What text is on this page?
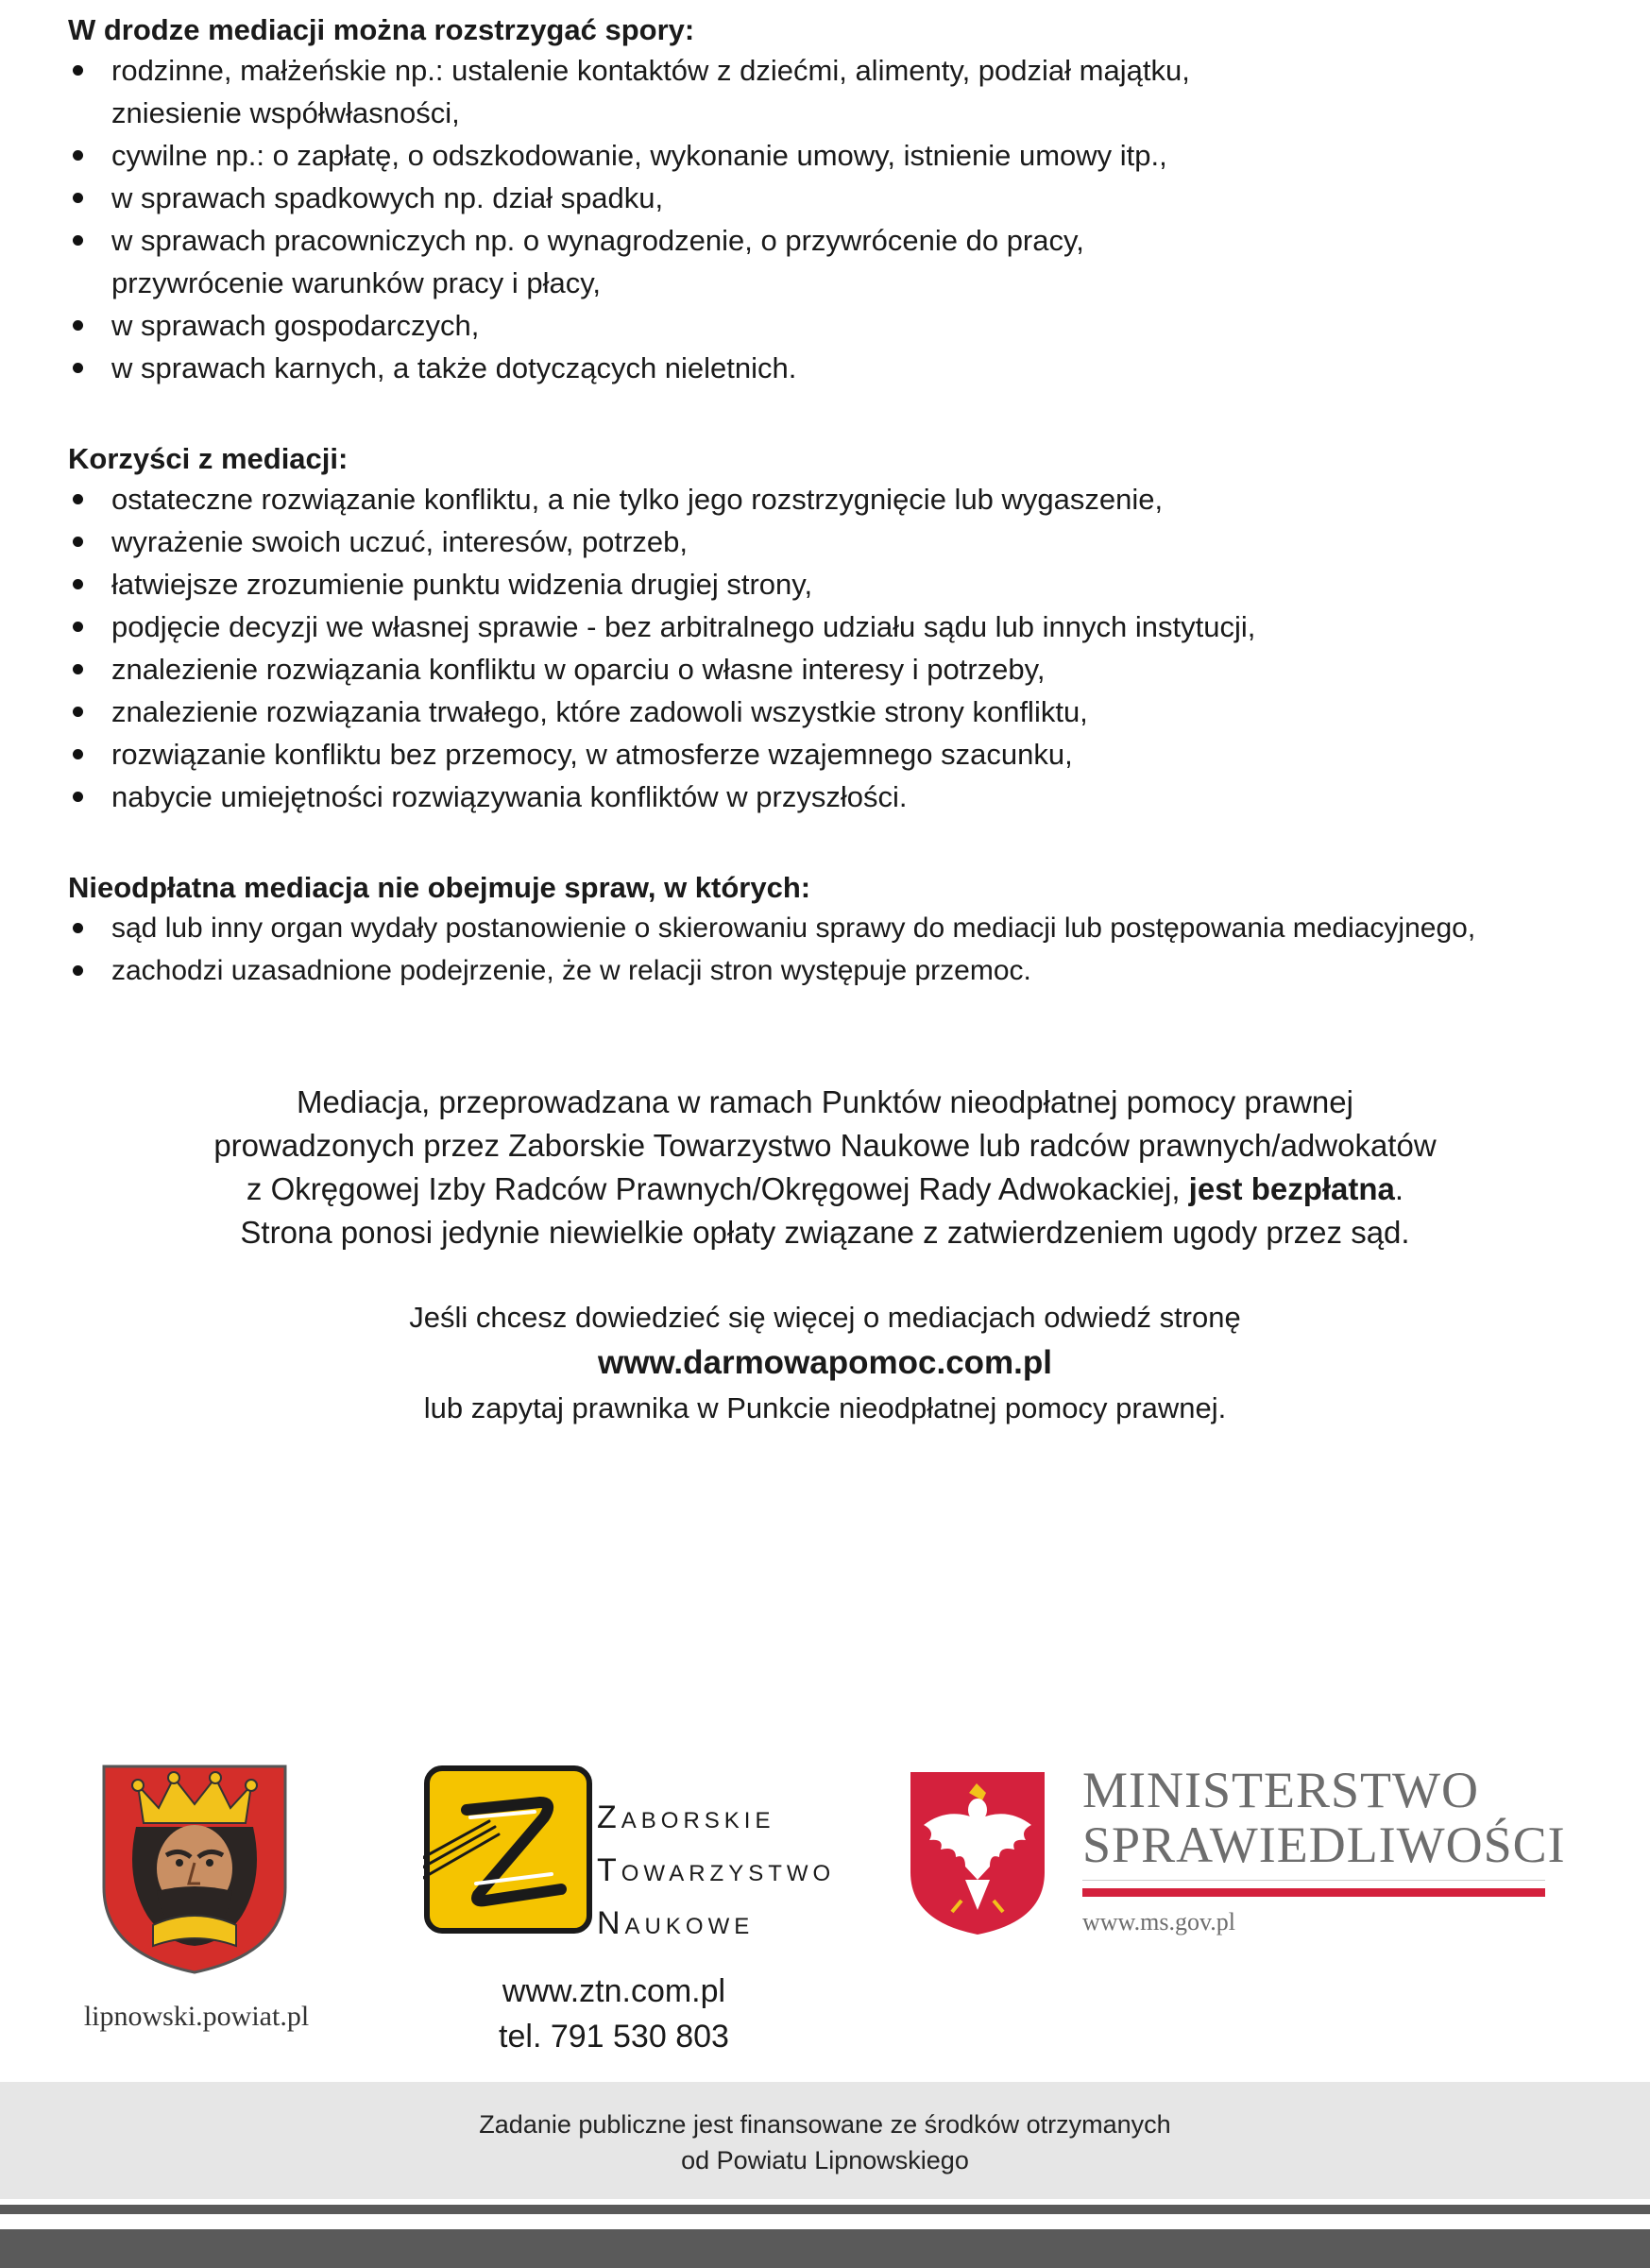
W drodze mediacji można rozstrzygać spory:
rodzinne, małżeńskie np.: ustalenie kontaktów z dziećmi, alimenty, podział majątku,
zniesienie współwłasności,
cywilne np.: o zapłatę, o odszkodowanie, wykonanie umowy, istnienie umowy itp.,
w sprawach spadkowych np. dział spadku,
w sprawach pracowniczych np. o wynagrodzenie, o przywrócenie do pracy,
przywrócenie warunków pracy i płacy,
w sprawach gospodarczych,
w sprawach karnych, a także dotyczących nieletnich.
Korzyści z mediacji:
ostateczne rozwiązanie konfliktu, a nie tylko jego rozstrzygnięcie lub wygaszenie,
wyrażenie swoich uczuć, interesów, potrzeb,
łatwiejsze zrozumienie punktu widzenia drugiej strony,
podjęcie decyzji we własnej sprawie - bez arbitralnego udziału sądu lub innych instytucji,
znalezienie rozwiązania konfliktu w oparciu o własne interesy i potrzeby,
znalezienie rozwiązania trwałego, które zadowoli wszystkie strony konfliktu,
rozwiązanie konfliktu bez przemocy, w atmosferze wzajemnego szacunku,
nabycie umiejętności rozwiązywania konfliktów w przyszłości.
Nieodpłatna mediacja nie obejmuje spraw, w których:
sąd lub inny organ wydały postanowienie o skierowaniu sprawy do mediacji lub postępowania mediacyjnego,
zachodzi uzasadnione podejrzenie, że w relacji stron występuje przemoc.

Mediacja, przeprowadzana w ramach Punktów nieodpłatnej pomocy prawnej

prowadzonych przez Zaborskie Towarzystwo Naukowe lub radców prawnych/adwokatów

z Okręgowej Izby Radców Prawnych/Okręgowej Rady Adwokackiej, jest bezpłatna.

Strona ponosi jedynie niewielkie opłaty związane z zatwierdzeniem ugody przez sąd.

Jeśli chcesz dowiedzieć się więcej o mediacjach odwiedź stronę

www.darmowapomoc.com.pl

lub zapytaj prawnika w Punkcie nieodpłatnej pomocy prawnej.

lipnowski.powiat.pl
Zaborskie
Towarzystwo
Naukowe
www.ztn.com.pl
tel. 791 530 803
MINISTERSTWO
SPRAWIEDLIWOŚCI
www.ms.gov.pl
Zadanie publiczne jest finansowane ze środków otrzymanych
od Powiatu Lipnowskiego
